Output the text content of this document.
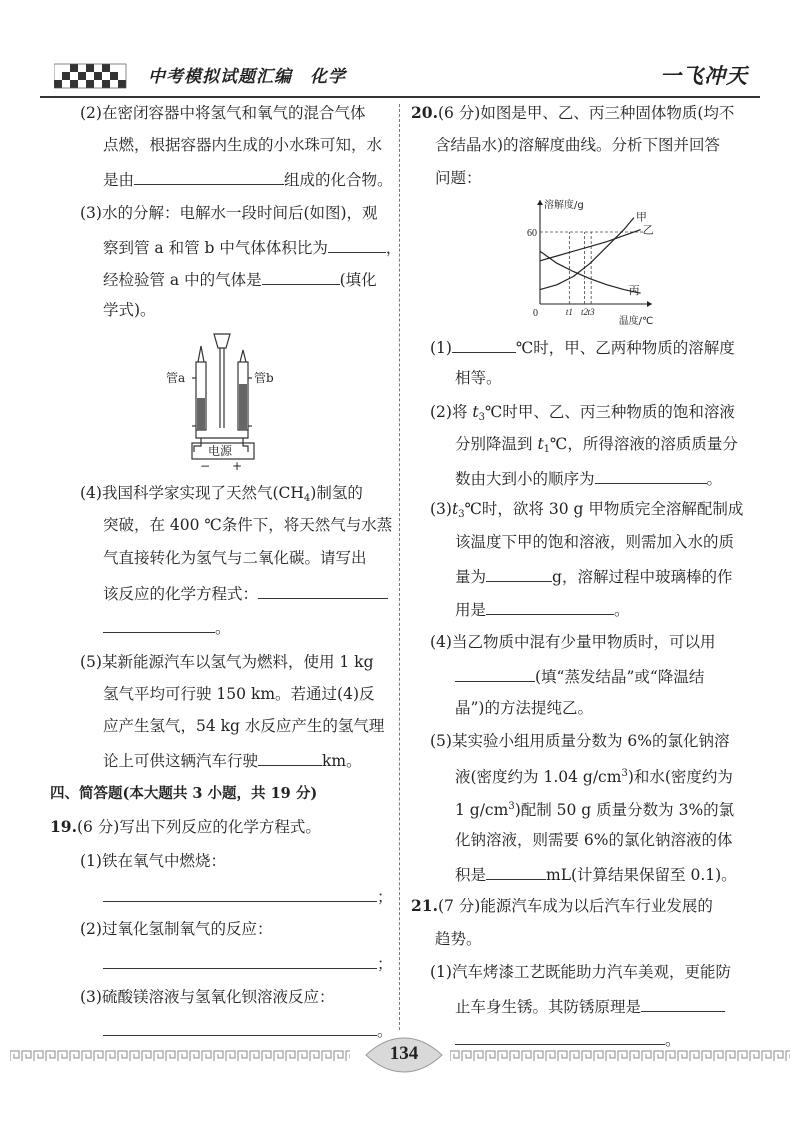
中考模拟试题汇编　化学	一飞冲天
(2)在密闭容器中将氢气和氧气的混合气体
点燃，根据容器内生成的小水珠可知，水
是由	组成的化合物。
(3)水的分解：电解水一段时间后(如图)，观
察到管 a 和管 b 中气体体积比为	，
经检验管 a 中的气体是	(填化
学式)。
管a	管b
电源
− +
(4)我国科学家实现了天然气$(CH_4)$制氢的
突破，在 400 ℃条件下，将天然气与水蒸
气直接转化为氢气与二氧化碳。请写出
该反应的化学方程式：
。
(5)某新能源汽车以氢气为燃料，使用 1 kg
氢气平均可行驶 150 km。若通过(4)反
应产生氢气，54 kg 水反应产生的氢气理
论上可供这辆汽车行驶	km。
四、简答题(本大题共 3 小题，共 19 分)
19.(6 分)写出下列反应的化学方程式。
(1)铁在氧气中燃烧：
；
(2)过氧化氢制氧气的反应：
；
(3)硫酸镁溶液与氢氧化钡溶液反应：
。
20.(6 分)如图是甲、乙、丙三种固体物质(均不
含结晶水)的溶解度曲线。分析下图并回答
问题：
60
t1 t2 t3
甲
乙
丙
溶解度/g
温度/℃
0
(1)	℃时，甲、乙两种物质的溶解度
相等。
(2)将 $t_3℃$时甲、乙、丙三种物质的饱和溶液
分别降温到 $t_1℃$，所得溶液的溶质质量分
数由大到小的顺序为	。
$(3)t_3℃$时，欲将 30 g 甲物质完全溶解配制成
该温度下甲的饱和溶液，则需加入水的质
量为	g，溶解过程中玻璃棒的作
用是	。
(4)当乙物质中混有少量甲物质时，可以用
(填“蒸发结晶”或“降温结
晶”)的方法提纯乙。
(5)某实验小组用质量分数为 6%的氯化钠溶
液(密度约为 1.04 $g/cm^3$)和水(密度约为
1 $g/cm^3$)配制 50 g 质量分数为 3%的氯
化钠溶液，则需要 6%的氯化钠溶液的体
积是	mL(计算结果保留至 0.1)。
21.(7 分)能源汽车成为以后汽车行业发展的
趋势。
(1)汽车烤漆工艺既能助力汽车美观，更能防
止车身生锈。其防锈原理是
。
134
